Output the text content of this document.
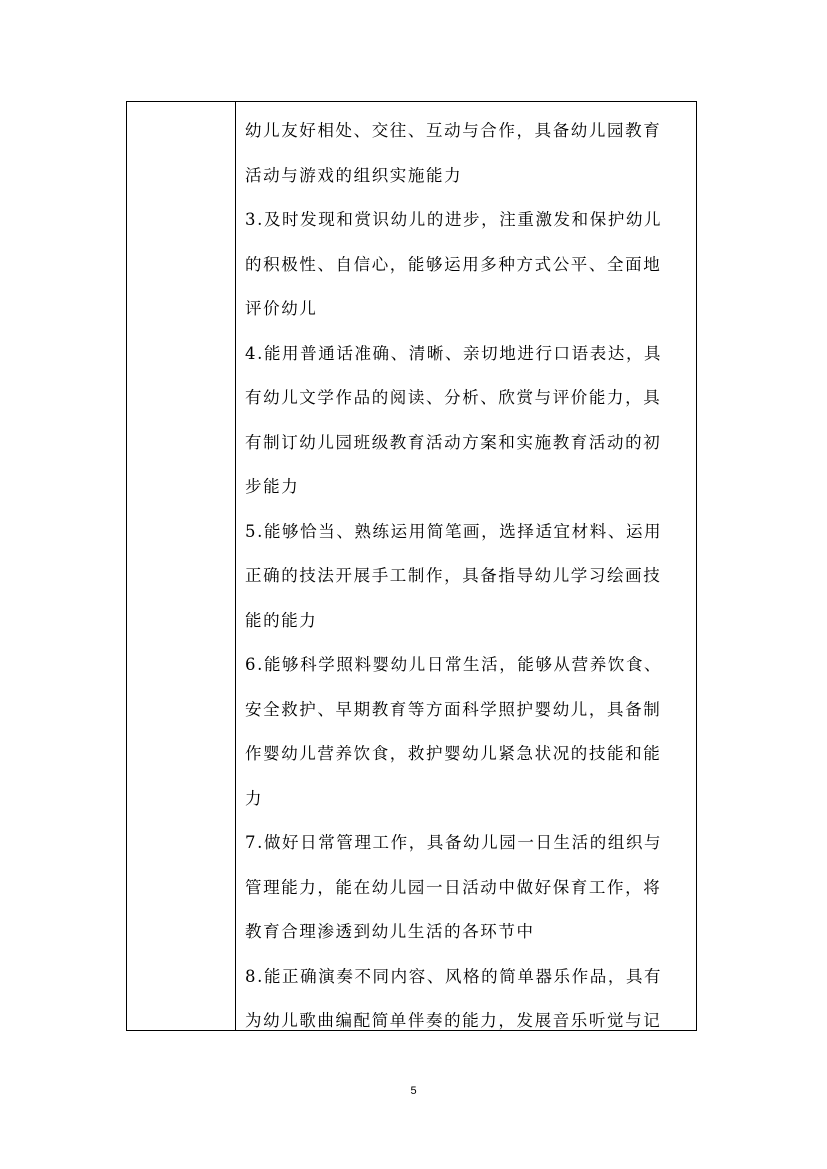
幼儿友好相处、交往、互动与合作，具备幼儿园教育
活动与游戏的组织实施能力
3.及时发现和赏识幼儿的进步，注重激发和保护幼儿
的积极性、自信心，能够运用多种方式公平、全面地
评价幼儿
4.能用普通话准确、清晰、亲切地进行口语表达，具
有幼儿文学作品的阅读、分析、欣赏与评价能力，具
有制订幼儿园班级教育活动方案和实施教育活动的初
步能力
5.能够恰当、熟练运用简笔画，选择适宜材料、运用
正确的技法开展手工制作，具备指导幼儿学习绘画技
能的能力
6.能够科学照料婴幼儿日常生活，能够从营养饮食、
安全救护、早期教育等方面科学照护婴幼儿，具备制
作婴幼儿营养饮食，救护婴幼儿紧急状况的技能和能
力
7.做好日常管理工作，具备幼儿园一日生活的组织与
管理能力，能在幼儿园一日活动中做好保育工作，将
教育合理渗透到幼儿生活的各环节中
8.能正确演奏不同内容、风格的简单器乐作品，具有
为幼儿歌曲编配简单伴奏的能力，发展音乐听觉与记
5
